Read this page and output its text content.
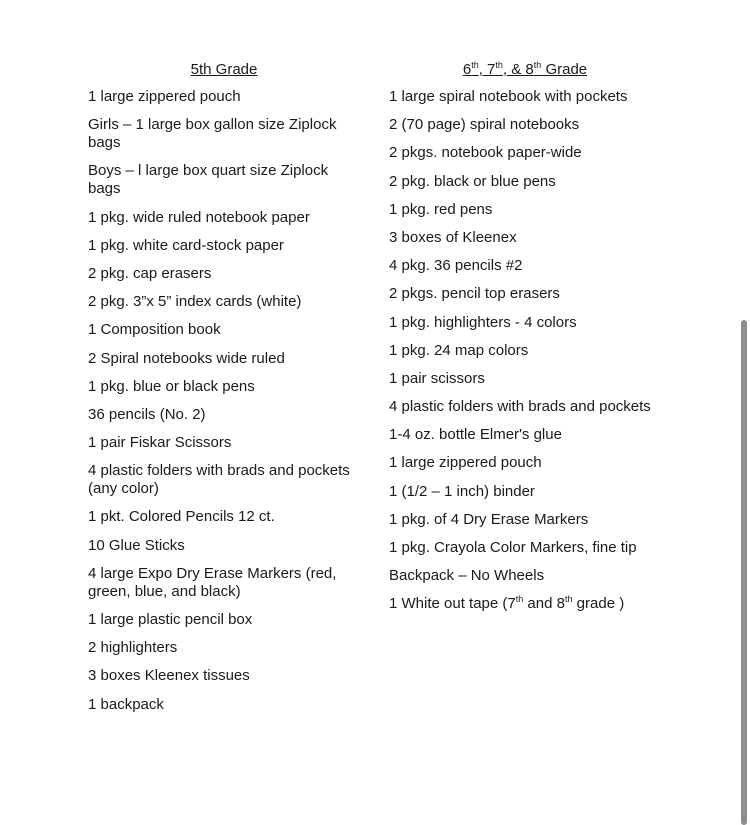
5th Grade
1 large zippered pouch
Girls – 1 large box gallon size Ziplock bags
Boys – l large box quart size Ziplock bags
1 pkg. wide ruled notebook paper
1 pkg. white card-stock paper
2 pkg. cap erasers
2 pkg. 3”x 5” index cards (white)
1 Composition book
2 Spiral notebooks wide ruled
1 pkg. blue or black pens
36 pencils (No. 2)
1 pair Fiskar Scissors
4 plastic folders with brads and pockets (any color)
1 pkt. Colored Pencils 12 ct.
10 Glue Sticks
4 large Expo Dry Erase Markers (red, green, blue, and black)
1 large plastic pencil box
2 highlighters
3 boxes Kleenex tissues
1 backpack
6th, 7th, & 8th Grade
1 large spiral notebook with pockets
2 (70 page) spiral notebooks
2 pkgs. notebook paper-wide
2 pkg. black or blue pens
1 pkg. red pens
3 boxes of Kleenex
4 pkg. 36 pencils #2
2 pkgs. pencil top erasers
1 pkg. highlighters - 4 colors
1 pkg. 24 map colors
1 pair scissors
4 plastic folders with brads and pockets
1-4 oz. bottle Elmer's glue
1 large zippered pouch
1 (1/2 – 1 inch) binder
1 pkg. of 4 Dry Erase Markers
1 pkg. Crayola Color Markers, fine tip
Backpack – No Wheels
1 White out tape (7th and 8th grade )
